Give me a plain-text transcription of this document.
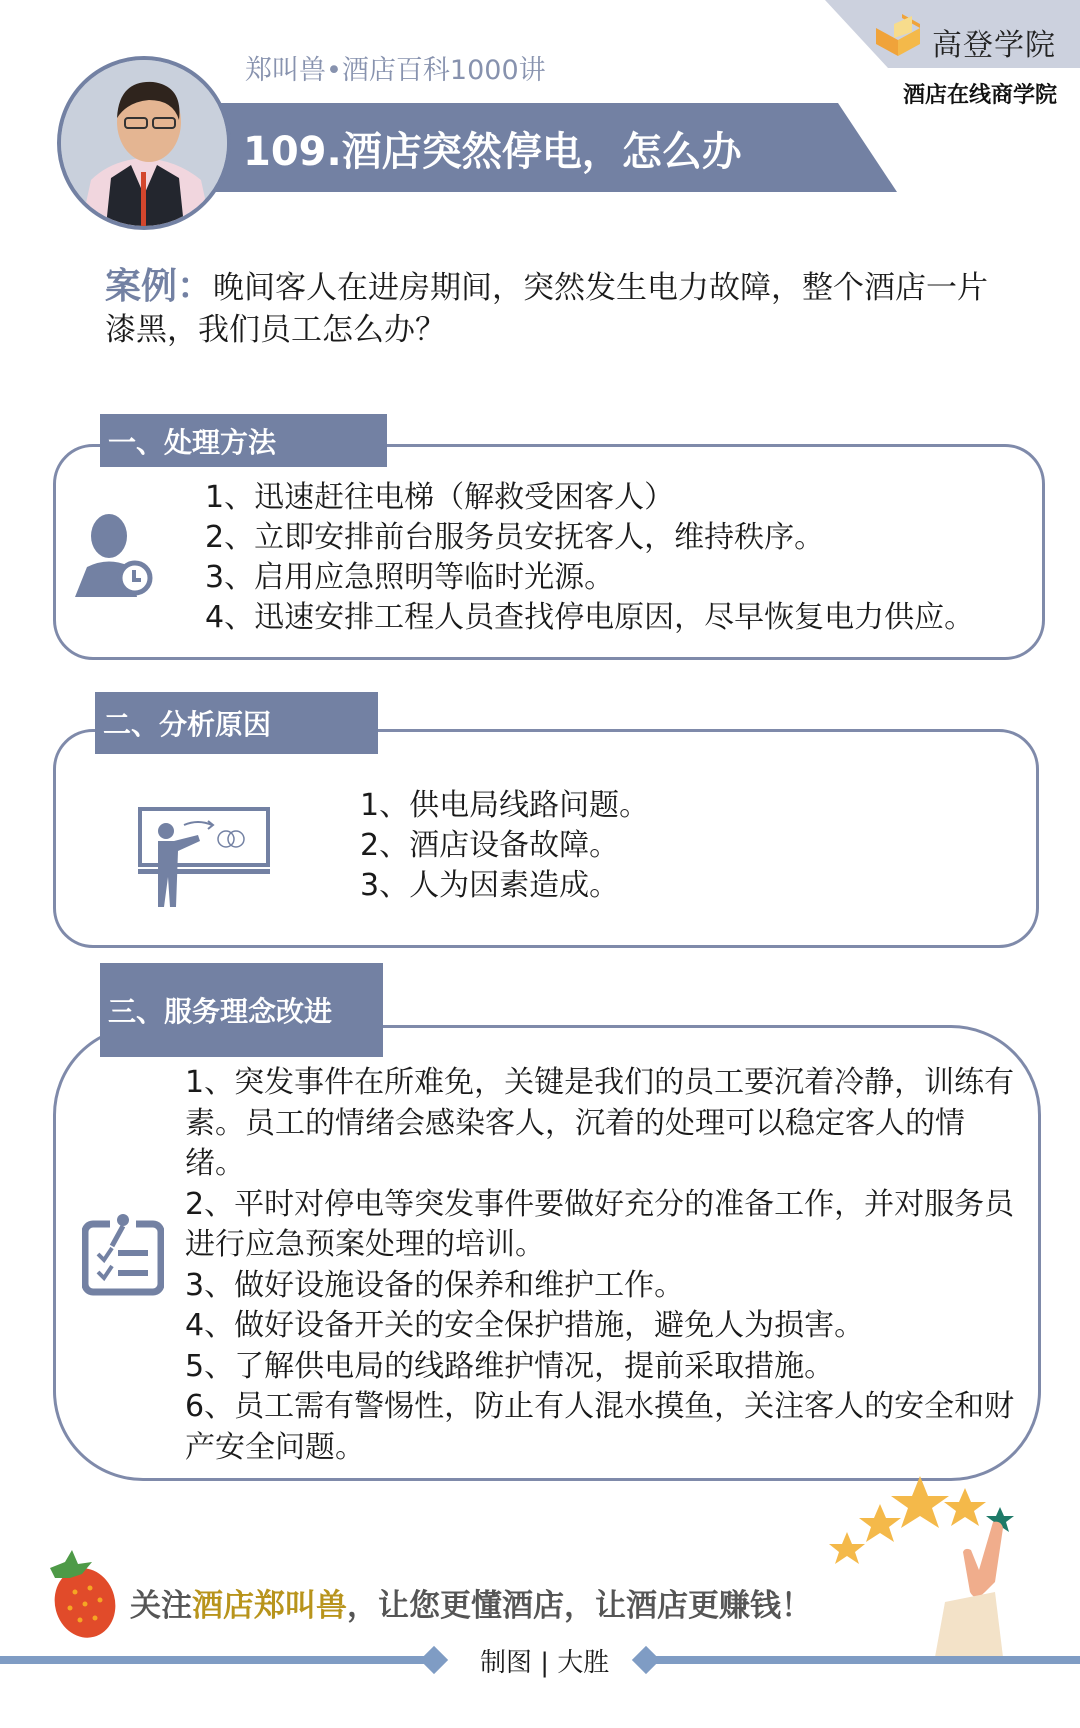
高登学院
酒店在线商学院
郑叫兽•酒店百科1000讲
109.酒店突然停电，怎么办
案例：晚间客人在进房期间，突然发生电力故障，整个酒店一片漆黑，我们员工怎么办？
一、处理方法
1、迅速赶往电梯（解救受困客人）
2、立即安排前台服务员安抚客人，维持秩序。
3、启用应急照明等临时光源。
4、迅速安排工程人员查找停电原因，尽早恢复电力供应。
二、分析原因
1、供电局线路问题。
2、酒店设备故障。
3、人为因素造成。
三、服务理念改进
1、突发事件在所难免，关键是我们的员工要沉着冷静，训练有素。员工的情绪会感染客人，沉着的处理可以稳定客人的情绪。
2、平时对停电等突发事件要做好充分的准备工作，并对服务员进行应急预案处理的培训。
3、做好设施设备的保养和维护工作。
4、做好设备开关的安全保护措施，避免人为损害。
5、了解供电局的线路维护情况，提前采取措施。
6、员工需有警惕性，防止有人混水摸鱼，关注客人的安全和财产安全问题。
关注酒店郑叫兽，让您更懂酒店，让酒店更赚钱！
制图 | 大胜
